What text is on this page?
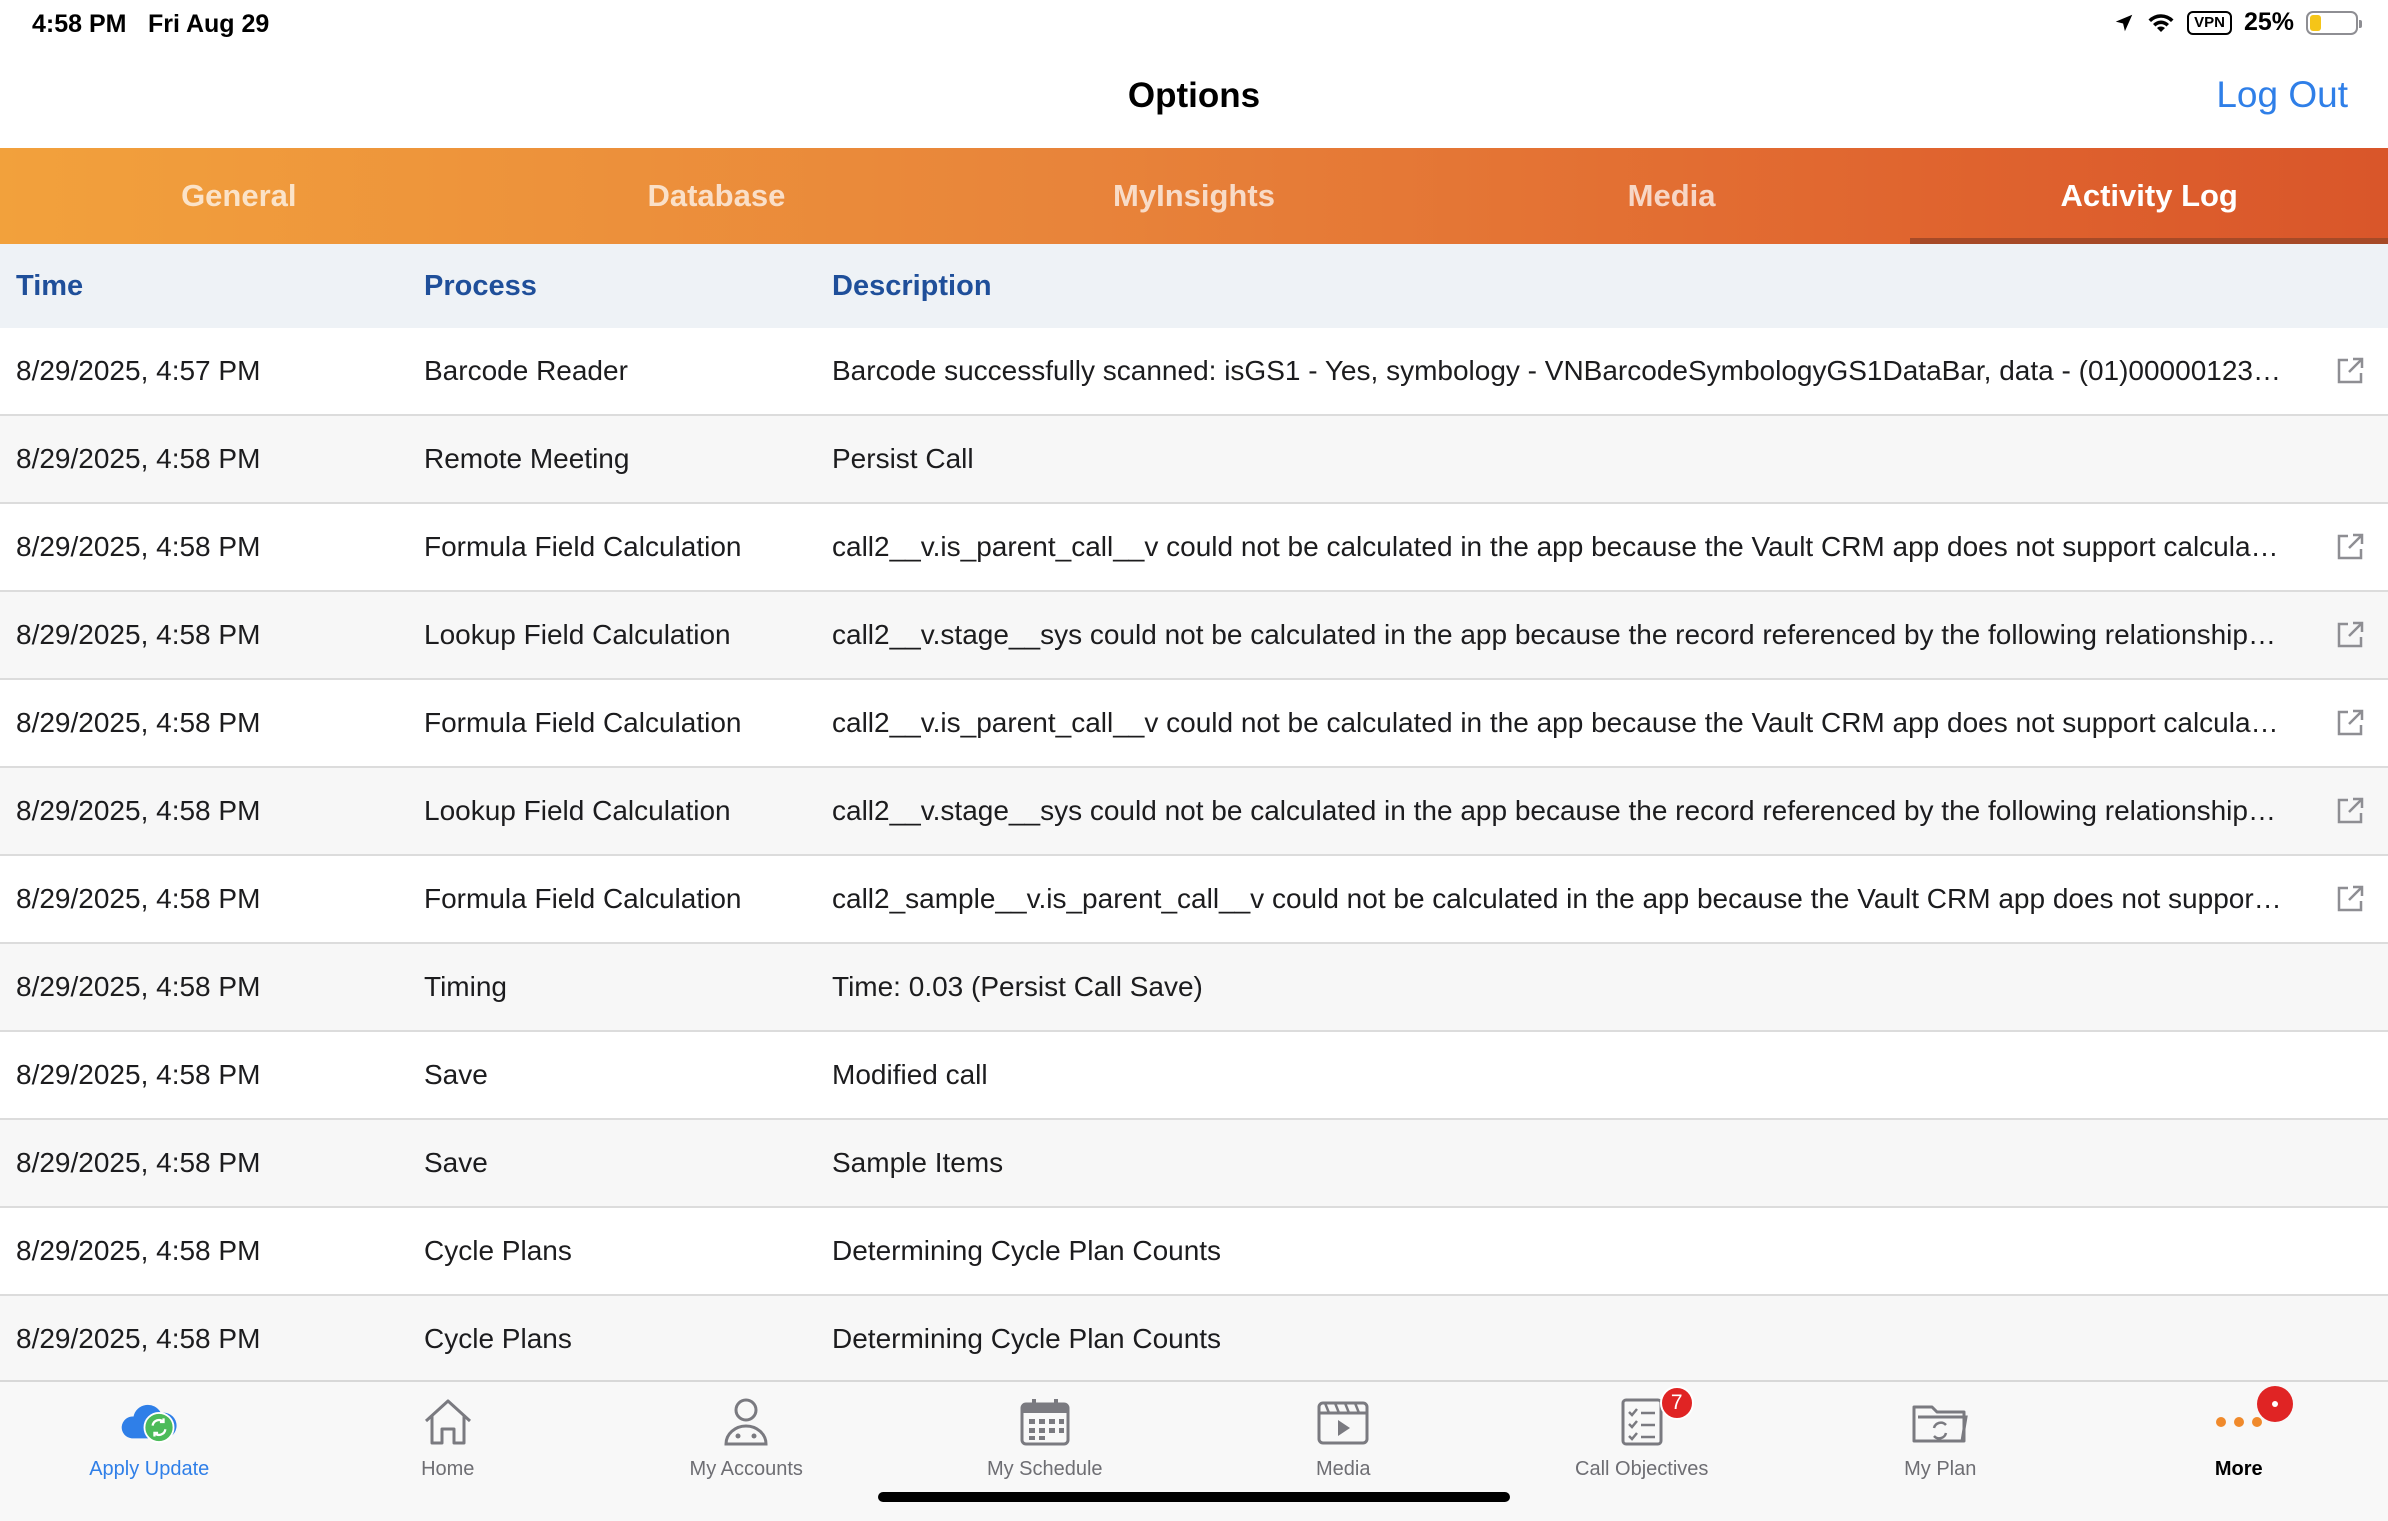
4:58 PM Fri Aug 29	VPN 25%
Options	Log Out
General	Database	MyInsights	Media	Activity Log
Time	Process	Description
8/29/2025, 4:57 PM	Barcode Reader	Barcode successfully scanned: isGS1 - Yes, symbology - VNBarcodeSymbologyGS1DataBar, data - (01)00000123…
8/29/2025, 4:58 PM	Remote Meeting	Persist Call
8/29/2025, 4:58 PM	Formula Field Calculation	call2__v.is_parent_call__v could not be calculated in the app because the Vault CRM app does not support calcula…
8/29/2025, 4:58 PM	Lookup Field Calculation	call2__v.stage__sys could not be calculated in the app because the record referenced by the following relationship…
8/29/2025, 4:58 PM	Formula Field Calculation	call2__v.is_parent_call__v could not be calculated in the app because the Vault CRM app does not support calcula…
8/29/2025, 4:58 PM	Lookup Field Calculation	call2__v.stage__sys could not be calculated in the app because the record referenced by the following relationship…
8/29/2025, 4:58 PM	Formula Field Calculation	call2_sample__v.is_parent_call__v could not be calculated in the app because the Vault CRM app does not suppor…
8/29/2025, 4:58 PM	Timing	Time: 0.03 (Persist Call Save)
8/29/2025, 4:58 PM	Save	Modified call
8/29/2025, 4:58 PM	Save	Sample Items
8/29/2025, 4:58 PM	Cycle Plans	Determining Cycle Plan Counts
8/29/2025, 4:58 PM	Cycle Plans	Determining Cycle Plan Counts
Apply Update	Home	My Accounts	My Schedule	Media
7
Call Objectives	My Plan	More
